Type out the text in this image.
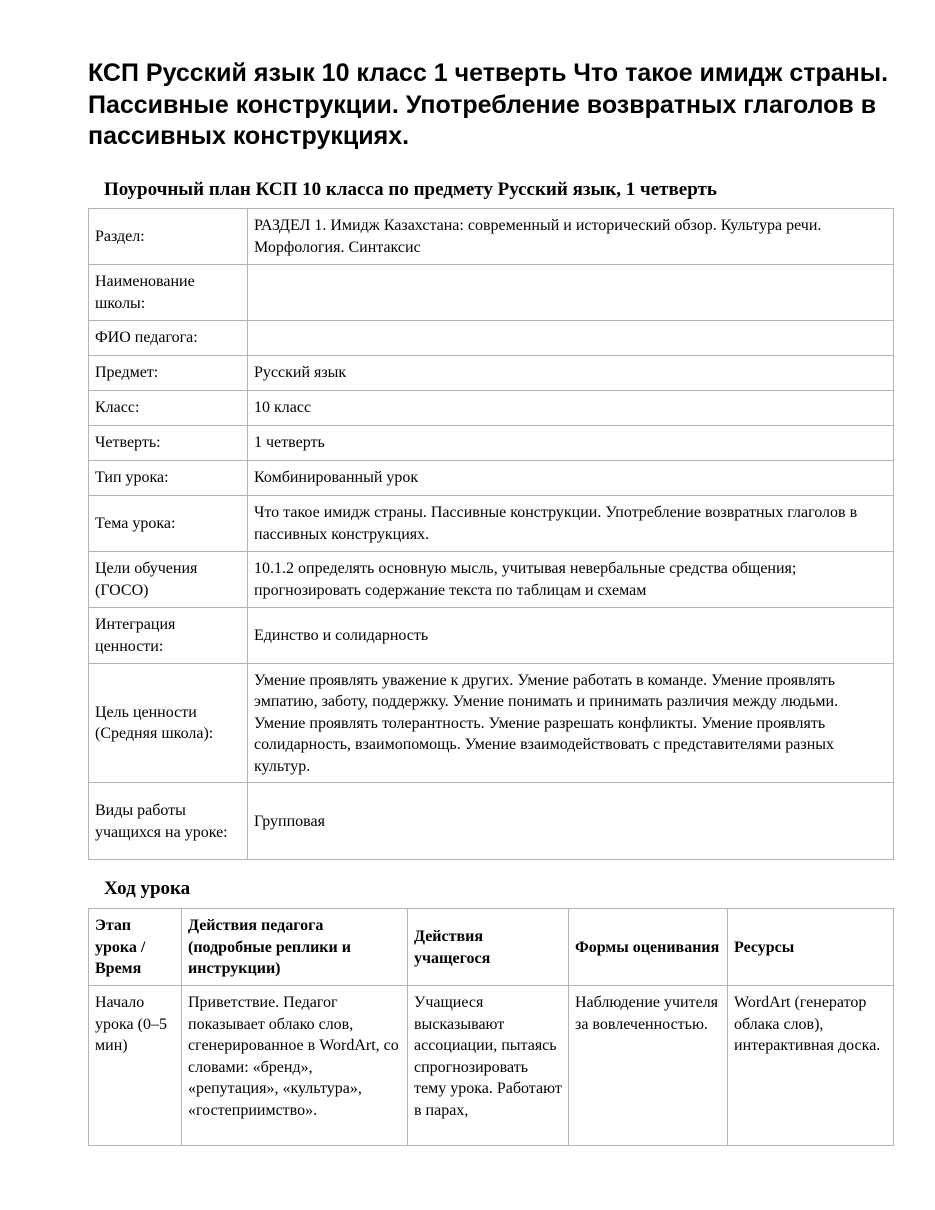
КСП Русский язык 10 класс 1 четверть Что такое имидж страны. Пассивные конструкции. Употребление возвратных глаголов в пассивных конструкциях.

Поурочный план КСП 10 класса по предмету Русский язык, 1 четверть

Раздел:	РАЗДЕЛ 1. Имидж Казахстана: современный и исторический обзор. Культура речи. Морфология. Синтаксис
Наименование школы:	
ФИО педагога:	
Предмет:	Русский язык
Класс:	10 класс
Четверть:	1 четверть
Тип урока:	Комбинированный урок
Тема урока:	Что такое имидж страны. Пассивные конструкции. Употребление возвратных глаголов в пассивных конструкциях.
Цели обучения (ГОСО)	10.1.2 определять основную мысль, учитывая невербальные средства общения; прогнозировать содержание текста по таблицам и схемам
Интеграция ценности:	Единство и солидарность
Цель ценности (Средняя школа):	Умение проявлять уважение к других. Умение работать в команде. Умение проявлять эмпатию, заботу, поддержку. Умение понимать и принимать различия между людьми. Умение проявлять толерантность. Умение разрешать конфликты. Умение проявлять солидарность, взаимопомощь. Умение взаимодействовать с представителями разных культур.
Виды работы учащихся на уроке:	Групповая

Ход урока

Этап урока / Время	Действия педагога (подробные реплики и инструкции)	Действия учащегося	Формы оценивания	Ресурсы
Начало урока (0–5 мин)	Приветствие. Педагог показывает облако слов, сгенерированное в WordArt, со словами: «бренд», «репутация», «культура», «гостеприимство».	Учащиеся высказывают ассоциации, пытаясь спрогнозировать тему урока. Работают в парах,	Наблюдение учителя за вовлеченностью.	WordArt (генератор облака слов), интерактивная доска.
